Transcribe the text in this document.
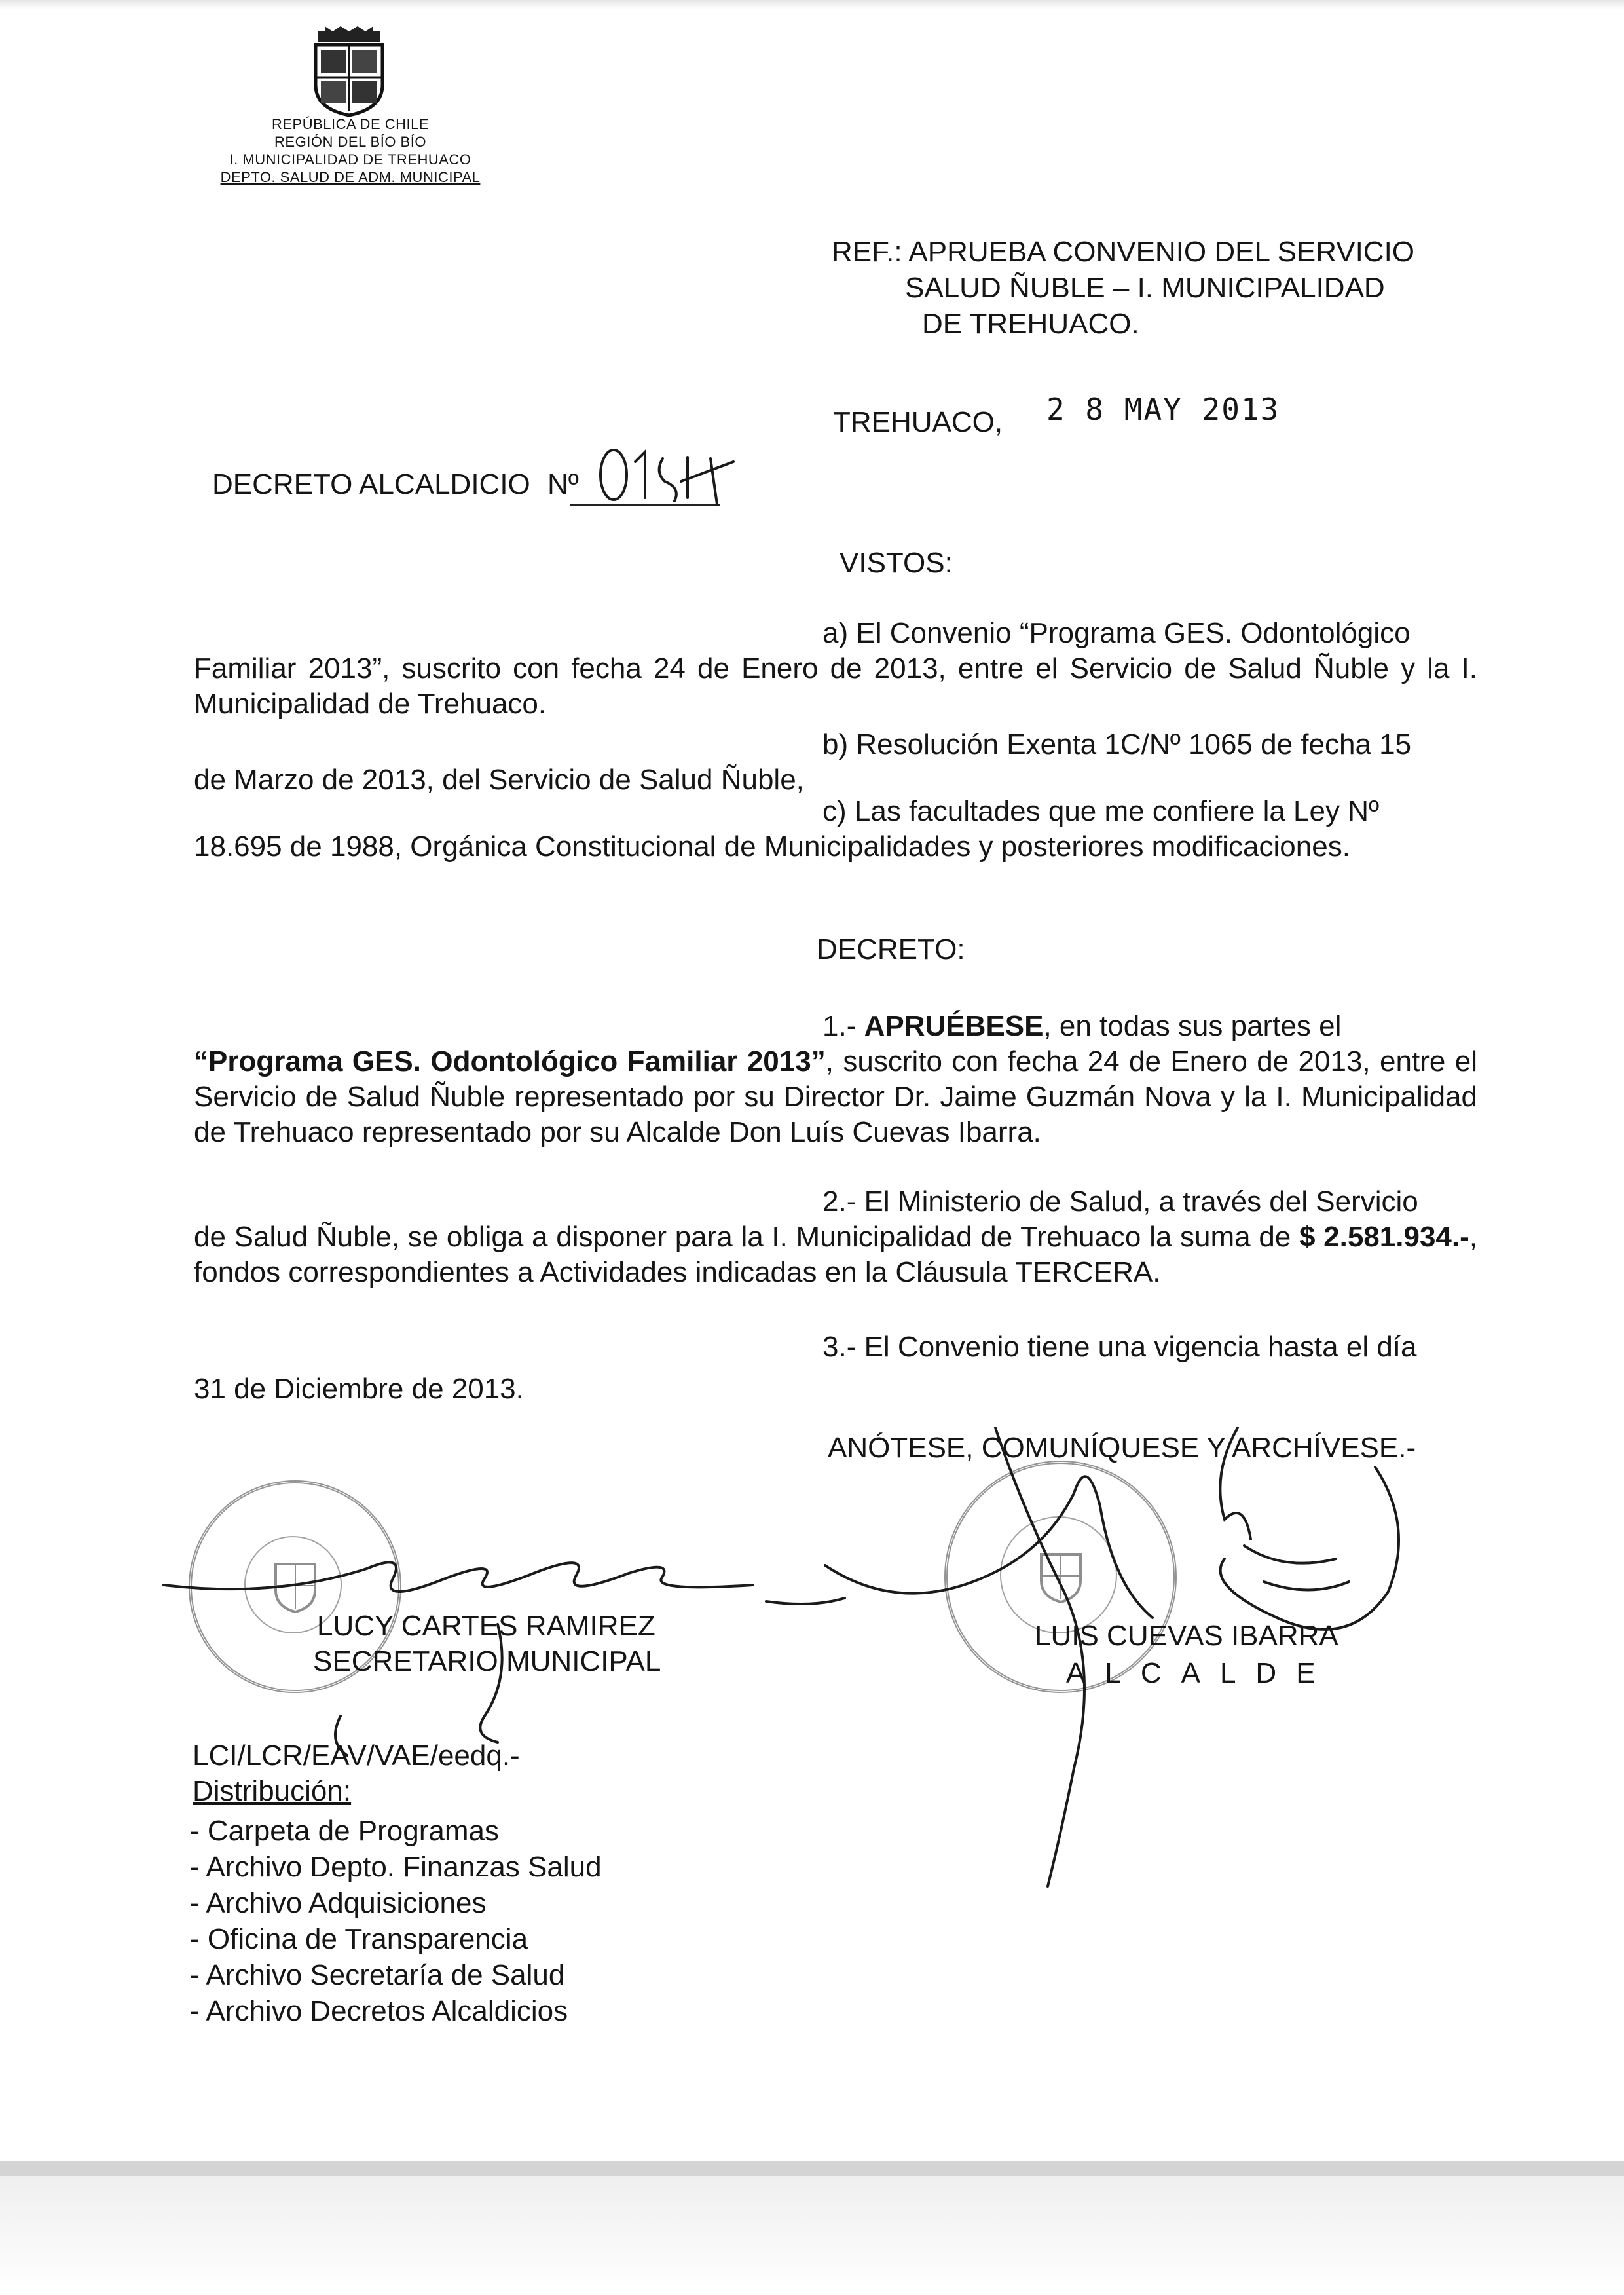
REPÚBLICA DE CHILE
REGIÓN DEL BÍO BÍO
I. MUNICIPALIDAD DE TREHUACO
DEPTO. SALUD DE ADM. MUNICIPAL
REF.: APRUEBA CONVENIO DEL SERVICIO
SALUD ÑUBLE – I. MUNICIPALIDAD
DE TREHUACO.
TREHUACO, 2 8 MAY 2013
DECRETO ALCALDICIO Nº
VISTOS:
a) El Convenio “Programa GES. Odontológico
Familiar 2013”, suscrito con fecha 24 de Enero de 2013, entre el Servicio de Salud Ñuble y la I. Municipalidad de Trehuaco.
b) Resolución Exenta 1C/Nº 1065 de fecha 15
de Marzo de 2013, del Servicio de Salud Ñuble,
c) Las facultades que me confiere la Ley Nº
18.695 de 1988, Orgánica Constitucional de Municipalidades y posteriores modificaciones.
DECRETO:
1.- APRUÉBESE, en todas sus partes el
“Programa GES. Odontológico Familiar 2013”, suscrito con fecha 24 de Enero de 2013, entre el Servicio de Salud Ñuble representado por su Director Dr. Jaime Guzmán Nova y la I. Municipalidad de Trehuaco representado por su Alcalde Don Luís Cuevas Ibarra.
2.- El Ministerio de Salud, a través del Servicio
de Salud Ñuble, se obliga a disponer para la I. Municipalidad de Trehuaco la suma de $ 2.581.934.-, fondos correspondientes a Actividades indicadas en la Cláusula TERCERA.
3.- El Convenio tiene una vigencia hasta el día
31 de Diciembre de 2013.
ANÓTESE, COMUNÍQUESE Y ARCHÍVESE.-
LUCY CARTES RAMIREZ
SECRETARIO MUNICIPAL
LUIS CUEVAS IBARRA
ALCALDE
LCI/LCR/EAV/VAE/eedq.-
Distribución:
- Carpeta de Programas
- Archivo Depto. Finanzas Salud
- Archivo Adquisiciones
- Oficina de Transparencia
- Archivo Secretaría de Salud
- Archivo Decretos Alcaldicios
